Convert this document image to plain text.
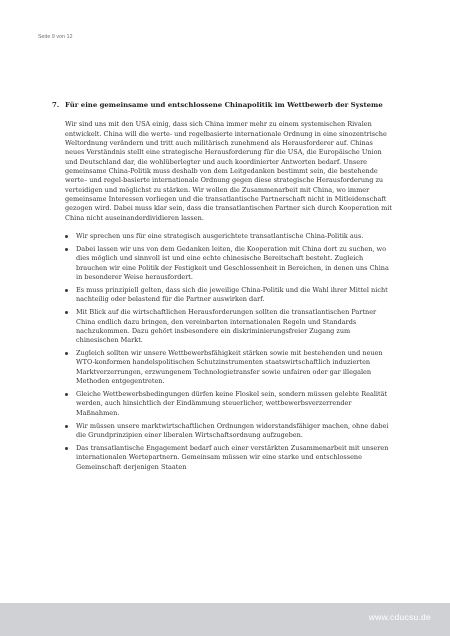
Seite 9 von 12
7. Für eine gemeinsame und entschlossene Chinapolitik im Wettbewerb der Systeme

Wir sind uns mit den USA einig, dass sich China immer mehr zu einem systemischen Rivalen entwickelt. China will die werte- und regelbasierte internationale Ordnung in eine sinozentrische Weltordnung verändern und tritt auch militärisch zunehmend als Herausforderer auf. Chinas neues Verständnis stellt eine strategische Herausforderung für die USA, die Europäische Union und Deutschland dar, die wohlüberlegter und auch koordinierter Antworten bedarf. Unsere gemeinsame China-Politik muss deshalb von dem Leitgedanken bestimmt sein, die bestehende werte– und regel-basierte internationale Ordnung gegen diese strategische Herausforderung zu verteidigen und möglichst zu stärken. Wir wollen die Zusammenarbeit mit China, wo immer gemeinsame Interessen vorliegen und die transatlantische Partnerschaft nicht in Mitleidenschaft gezogen wird. Dabei muss klar sein, dass die transatlantischen Partner sich durch Kooperation mit China nicht auseinanderdividieren lassen.

Wir sprechen uns für eine strategisch ausgerichtete transatlantische China-Politik aus.
Dabei lassen wir uns von dem Gedanken leiten, die Kooperation mit China dort zu suchen, wo dies möglich und sinnvoll ist und eine echte chinesische Bereitschaft besteht. Zugleich brauchen wir eine Politik der Festigkeit und Geschlossenheit in Bereichen, in denen uns China in besonderer Weise herausfordert.
Es muss prinzipiell gelten, dass sich die jeweilige China-Politik und die Wahl ihrer Mittel nicht nachteilig oder belastend für die Partner auswirken darf.
Mit Blick auf die wirtschaftlichen Herausforderungen sollten die transatlantischen Partner China endlich dazu bringen, den vereinbarten internationalen Regeln und Standards nachzukommen. Dazu gehört insbesondere ein diskriminierungsfreier Zugang zum chinesischen Markt.
Zugleich sollten wir unsere Wettbewerbsfähigkeit stärken sowie mit bestehenden und neuen WTO-konformen handelspolitischen Schutzinstrumenten staatswirtschaftlich induzierten Marktverzerrungen, erzwungenem Technologietransfer sowie unfairen oder gar illegalen Methoden entgegentreten.
Gleiche Wettbewerbsbedingungen dürfen keine Floskel sein, sondern müssen gelebte Realität werden, auch hinsichtlich der Eindämmung steuerlicher, wettbewerbsverzerrender Maßnahmen.
Wir müssen unsere marktwirtschaftlichen Ordnungen widerstandsfähiger machen, ohne dabei die Grundprinzipien einer liberalen Wirtschaftsordnung aufzugeben.
Das transatlantische Engagement bedarf auch einer verstärkten Zusammenarbeit mit unseren internationalen Wertepartnern. Gemeinsam müssen wir eine starke und entschlossene Gemeinschaft derjenigen Staaten
www.cducsu.de
